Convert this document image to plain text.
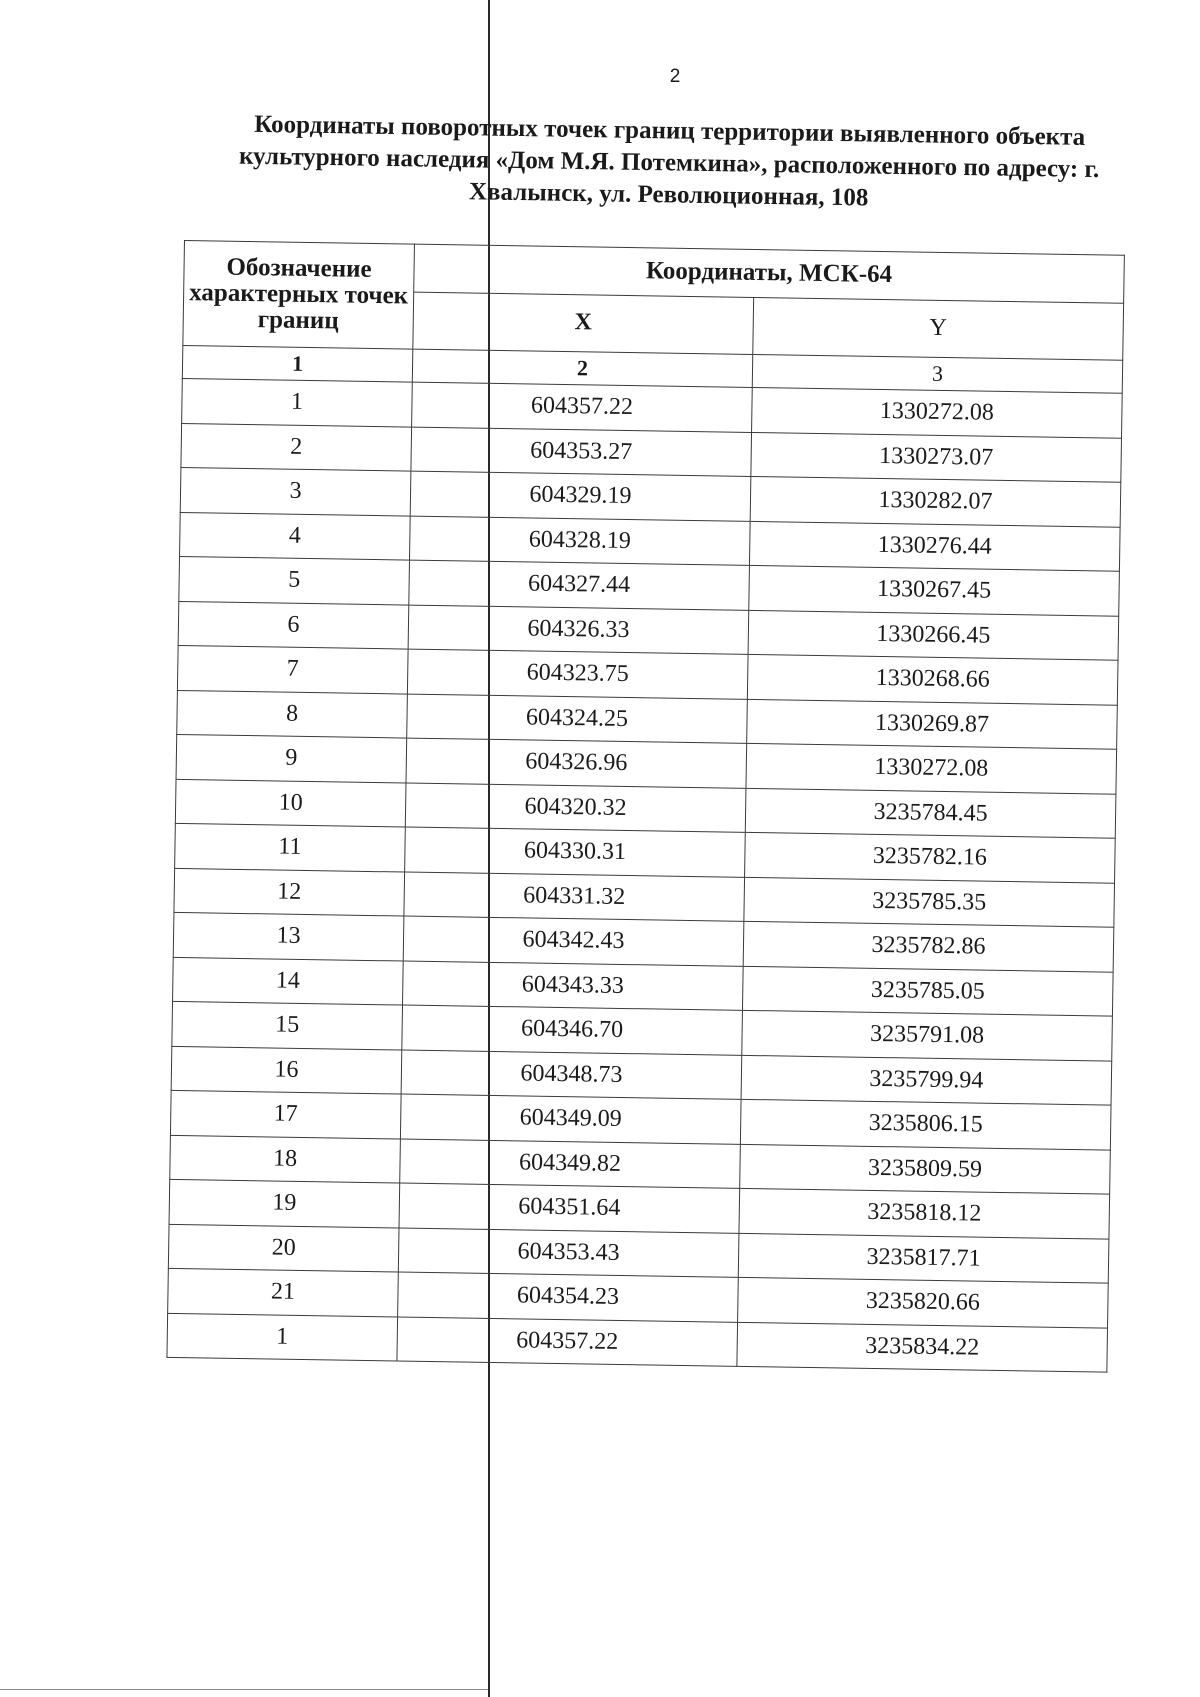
2
Координаты поворотных точек границ территории выявленного объекта культурного наследия «Дом М.Я. Потемкина», расположенного по адресу: г. Хвалынск, ул. Революционная, 108
Обозначение характерных точек границ	Координаты, МСК-64	
	X	Y
1	2	3
1	604357.22	1330272.08
2	604353.27	1330273.07
3	604329.19	1330282.07
4	604328.19	1330276.44
5	604327.44	1330267.45
6	604326.33	1330266.45
7	604323.75	1330268.66
8	604324.25	1330269.87
9	604326.96	1330272.08
10	604320.32	3235784.45
11	604330.31	3235782.16
12	604331.32	3235785.35
13	604342.43	3235782.86
14	604343.33	3235785.05
15	604346.70	3235791.08
16	604348.73	3235799.94
17	604349.09	3235806.15
18	604349.82	3235809.59
19	604351.64	3235818.12
20	604353.43	3235817.71
21	604354.23	3235820.66
1	604357.22	3235834.22
